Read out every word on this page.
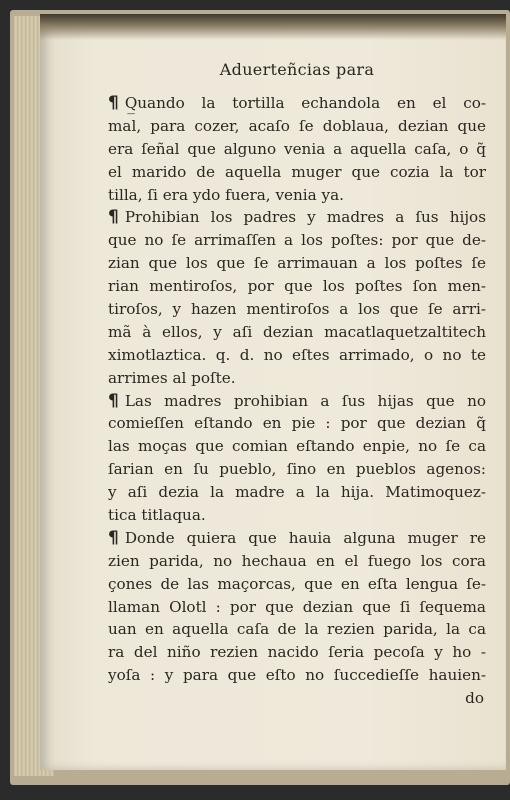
Aduerteñcias para
¶ Q̲uando la tortilla echandola en el co-
mal, para cozer, acaſo ſe doblaua, dezian que
era ſeñal que alguno venia a aquella caſa, o q̃
el marido de aquella muger que cozia la tor
tilla, ſi era ydo fuera, venia ya.
¶ Prohibian los padres y madres a ſus hijos
que no ſe arrimaſſen a los poſtes: por que de-
zian que los que ſe arrimauan a los poſtes ſe
rian mentiroſos, por que los poſtes ſon men-
tiroſos, y hazen mentiroſos a los que ſe arri-
mã à ellos, y aſi dezian macatlaquetzaltitech
ximotlaztica. q. d. no eſtes arrimado, o no te
arrimes al poſte.
¶ Las madres prohibian a ſus hijas que no
comieſſen eſtando en pie : por que dezian q̃
las moças que comian eſtando enpie, no ſe ca
ſarian en ſu pueblo, ſino en pueblos agenos:
y aſi dezia la madre a la hija. Matimoquez-
tica titlaqua.
¶ Donde quiera que hauia alguna muger re
zien parida, no hechaua en el fuego los cora
çones de las maçorcas, que en eſta lengua ſe-
llaman Olotl : por que dezian que ſi ſequema
uan en aquella caſa de la rezien parida, la ca
ra del niño rezien nacido ſeria pecoſa y ho -
yoſa : y para que eſto no ſuccedieſſe hauien-
do
